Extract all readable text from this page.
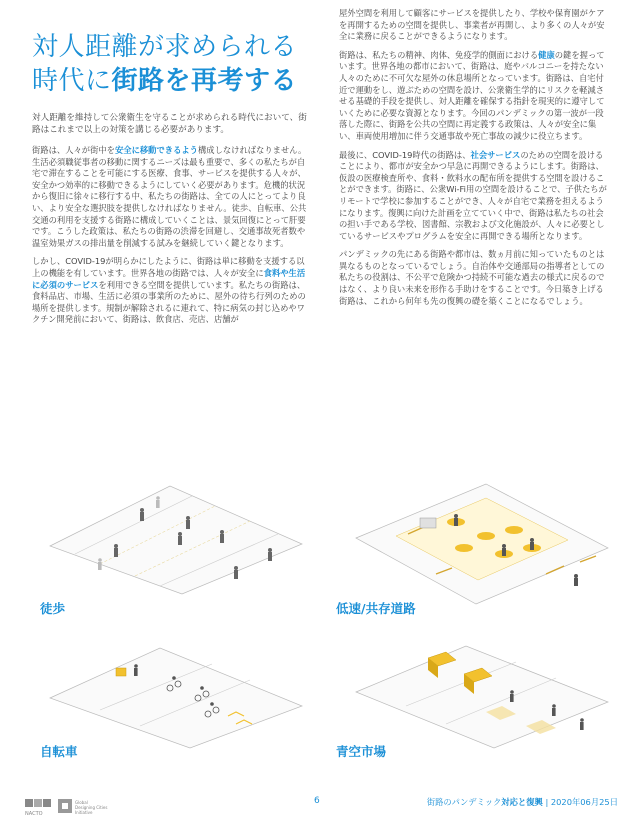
対人距離が求められる時代に街路を再考する

対人距離を維持して公衆衛生を守ることが求められる時代において、街路はこれまで以上の対策を講じる必要があります。

街路は、人々が街中を安全に移動できるよう構成しなければなりません。生活必須職従事者の移動に関するニーズは最も重要で、多くの私たちが自宅で滞在することを可能にする医療、食事、サービスを提供する人々が、安全かつ効率的に移動できるようにしていく必要があります。危機的状況から復旧に徐々に移行する中、私たちの街路は、全ての人にとってより良い、より安全な選択肢を提供しなければなりません。徒歩、自転車、公共交通の利用を支援する街路に構成していくことは、景気回復にとって肝要です。こうした政策は、私たちの街路の渋滞を回避し、交通事故死者数や温室効果ガスの排出量を削減する試みを継続していく鍵となります。

しかし、COVID-19が明らかにしたように、街路は単に移動を支援する以上の機能を有しています。世界各地の街路では、人々が安全に食料や生活に必須のサービスを利用できる空間を提供しています。私たちの街路は、食料品店、市場、生活に必須の事業所のために、屋外の待ち行列のための場所を提供します。規制が解除されるに連れて、特に病気の封じ込めやワクチン開発前において、街路は、飲食店、売店、店舗が

屋外空間を利用して顧客にサービスを提供したり、学校や保育園がケアを再開するための空間を提供し、事業者が再開し、より多くの人々が安全に業務に戻ることができるようになります。

街路は、私たちの精神、肉体、免疫学的側面における健康の鍵を握っています。世界各地の都市において、街路は、庭やバルコニーを持たない人々のために不可欠な屋外の休息場所となっています。街路は、自宅付近で運動をし、遊ぶための空間を設け、公衆衛生学的にリスクを軽減させる基礎的手段を提供し、対人距離を確保する指針を現実的に遵守していくために必要な資源となります。今回のパンデミックの第一波が一段落した際に、街路を公共の空間に再定義する政策は、人々が安全に集い、車両使用増加に伴う交通事故や死亡事故の減少に役立ちます。

最後に、COVID-19時代の街路は、社会サービスのための空間を設けることにより、都市が安全かつ早急に再開できるようにします。街路は、仮設の医療検査所や、食料・飲料水の配布所を提供する空間を設けることができます。街路に、公衆Wi-Fi用の空間を設けることで、子供たちがリモートで学校に参加することができ、人々が自宅で業務を担えるようになります。復興に向けた計画を立てていく中で、街路は私たちの社会の担い手である学校、図書館、宗教および文化施設が、人々に必要としているサービスやプログラムを安全に再開できる場所となります。

パンデミックの先にある街路や都市は、数ヵ月前に知っていたものとは異なるものとなっているでしょう。自治体や交通部局の指導者としての私たちの役割は、不公平で危険かつ持続不可能な過去の様式に戻るのではなく、より良い未来を形作る手助けをすることです。今日築き上げる街路は、これから何年も先の復興の礎を築くことになるでしょう。

徒歩	低速/共存道路
自転車	青空市場
NACTO

Global
Designing Cities
Initiative
6	街路のパンデミック対応と復興 | 2020年06月25日
